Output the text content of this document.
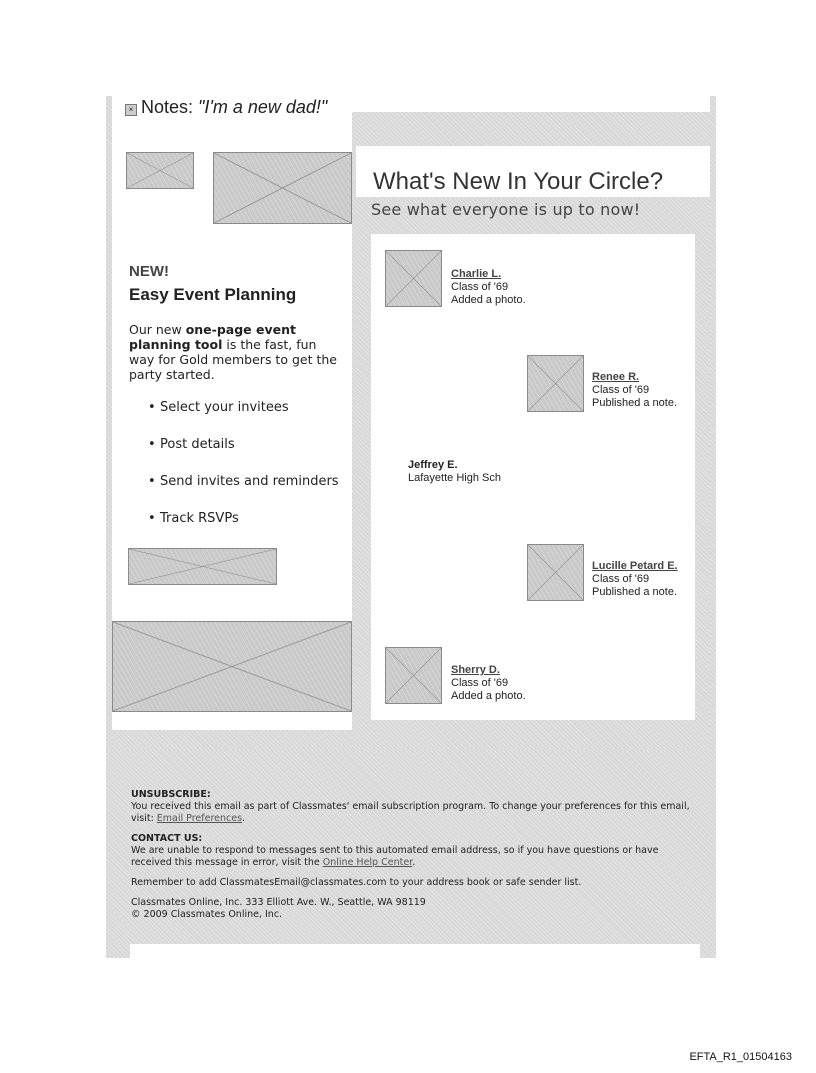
× Notes: "I'm a new dad!"
What's New In Your Circle?
See what everyone is up to now!
Charlie L.
Class of '69
Added a photo.
Renee R.
Class of '69
Published a note.
Jeffrey E.
Lafayette High Sch
Lucille Petard E.
Class of '69
Published a note.
Sherry D.
Class of '69
Added a photo.
NEW!
Easy Event Planning
Our new one-page event planning tool is the fast, fun way for Gold members to get the party started.
• Select your invitees
• Post details
• Send invites and reminders
• Track RSVPs
UNSUBSCRIBE:
You received this email as part of Classmates' email subscription program. To change your preferences for this email, visit: Email Preferences.
CONTACT US:
We are unable to respond to messages sent to this automated email address, so if you have questions or have received this message in error, visit the Online Help Center.
Remember to add ClassmatesEmail@classmates.com to your address book or safe sender list.
Classmates Online, Inc. 333 Elliott Ave. W., Seattle, WA 98119
© 2009 Classmates Online, Inc.
EFTA_R1_01504163
